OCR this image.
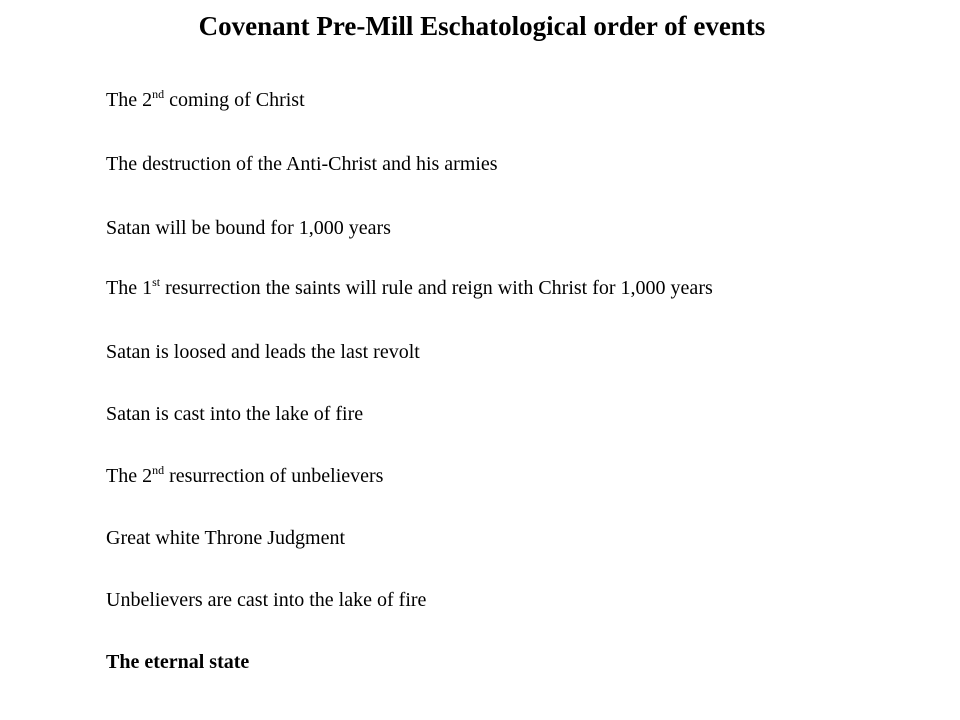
Covenant Pre-Mill Eschatological order of events
The 2nd coming of Christ
The destruction of the Anti-Christ and his armies
Satan will be bound for 1,000 years
The 1st resurrection the saints will rule and reign with Christ for 1,000 years
Satan is loosed and leads the last revolt
Satan is cast into the lake of fire
The 2nd resurrection of unbelievers
Great white Throne Judgment
Unbelievers are cast into the lake of fire
The eternal state
